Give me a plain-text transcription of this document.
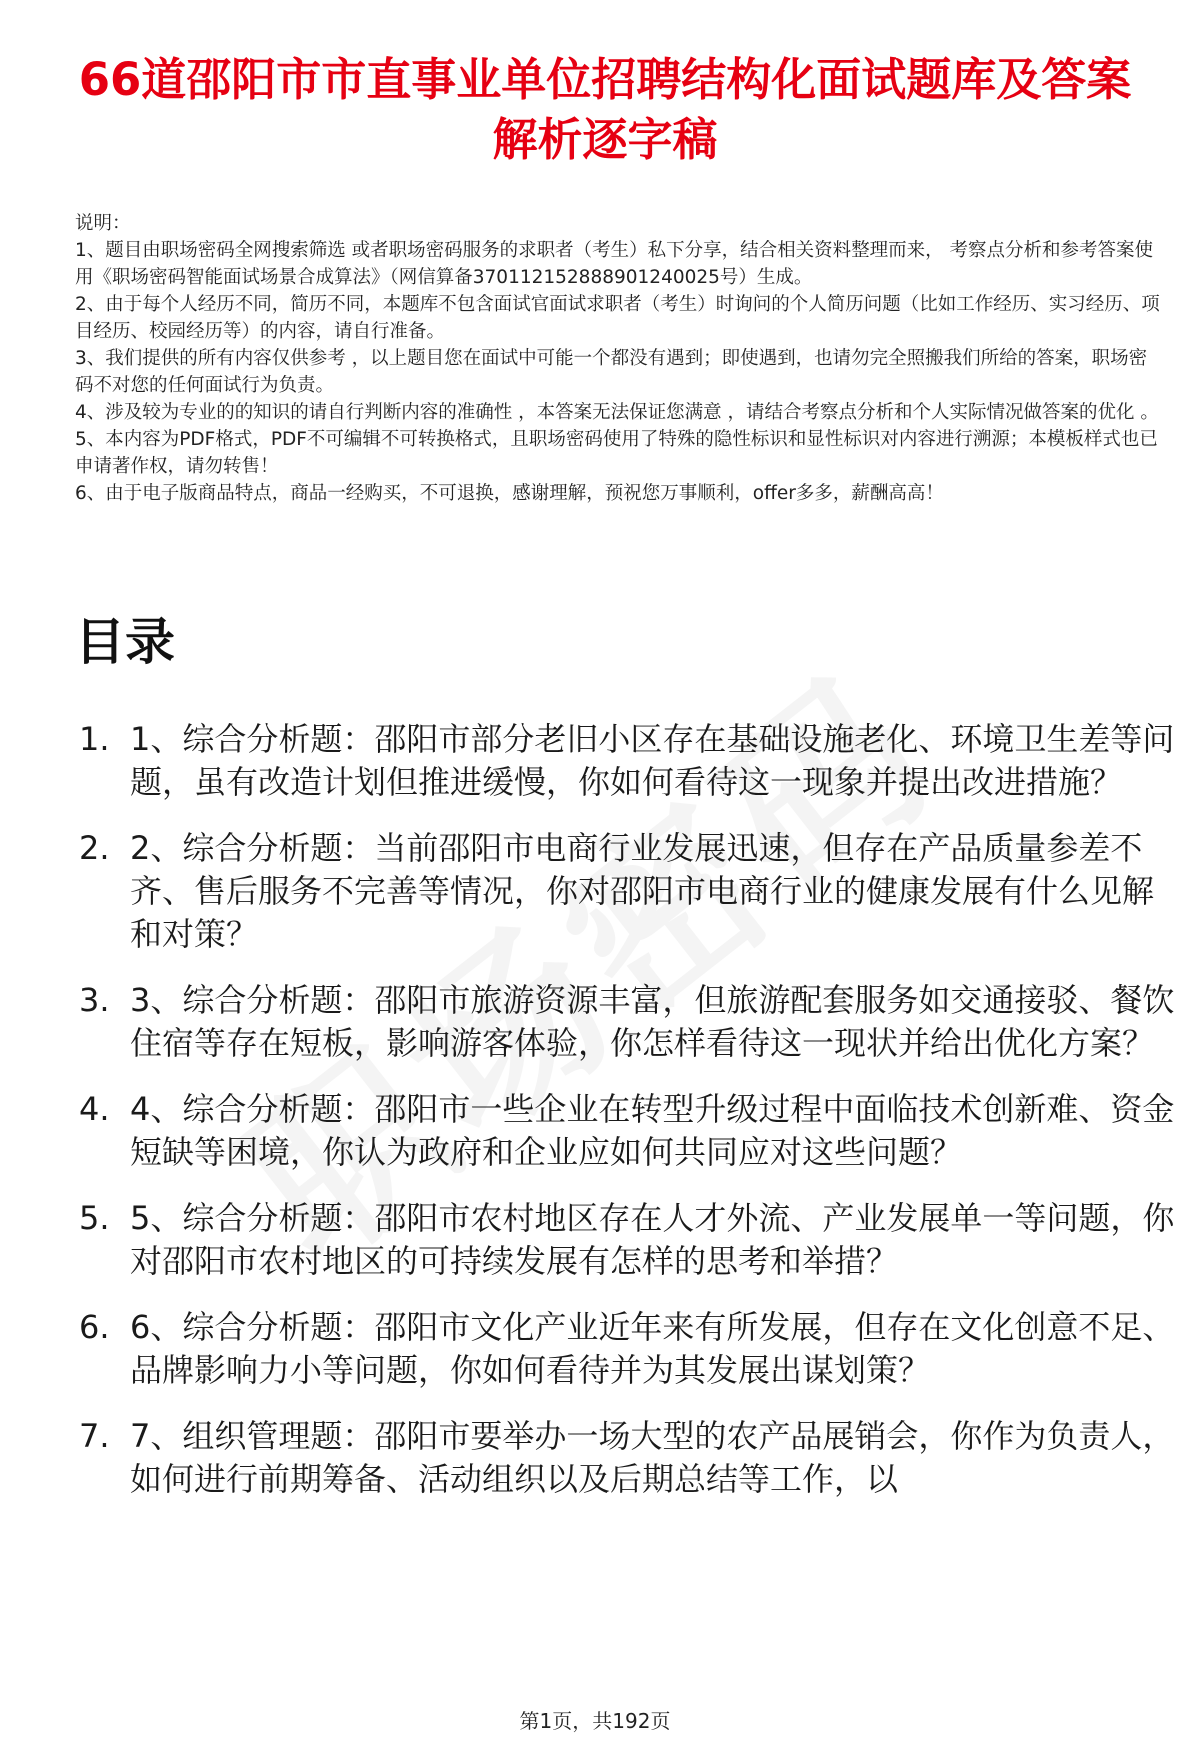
66道邵阳市市直事业单位招聘结构化面试题库及答案解析逐字稿

说明：

1、题目由职场密码全网搜索筛选 或者职场密码服务的求职者（考生）私下分享，结合相关资料整理而来， 考察点分析和参考答案使用《职场密码智能面试场景合成算法》（网信算备370112152888901240025号）生成。

2、由于每个人经历不同，简历不同，本题库不包含面试官面试求职者（考生）时询问的个人简历问题（比如工作经历、实习经历、项目经历、校园经历等）的内容，请自行准备。

3、我们提供的所有内容仅供参考 ，以上题目您在面试中可能一个都没有遇到；即使遇到，也请勿完全照搬我们所给的答案，职场密码不对您的任何面试行为负责。

4、涉及较为专业的的知识的请自行判断内容的准确性 ，本答案无法保证您满意 ，请结合考察点分析和个人实际情况做答案的优化 。

5、本内容为PDF格式，PDF不可编辑不可转换格式，且职场密码使用了特殊的隐性标识和显性标识对内容进行溯源；本模板样式也已申请著作权，请勿转售！

6、由于电子版商品特点，商品一经购买，不可退换，感谢理解，预祝您万事顺利，offer多多，薪酬高高！

目录
1. 1、综合分析题：邵阳市部分老旧小区存在基础设施老化、环境卫生差等问题，虽有改造计划但推进缓慢，你如何看待这一现象并提出改进措施？
2. 2、综合分析题：当前邵阳市电商行业发展迅速，但存在产品质量参差不齐、售后服务不完善等情况，你对邵阳市电商行业的健康发展有什么见解和对策？
3. 3、综合分析题：邵阳市旅游资源丰富，但旅游配套服务如交通接驳、餐饮住宿等存在短板，影响游客体验，你怎样看待这一现状并给出优化方案？
4. 4、综合分析题：邵阳市一些企业在转型升级过程中面临技术创新难、资金短缺等困境，你认为政府和企业应如何共同应对这些问题？
5. 5、综合分析题：邵阳市农村地区存在人才外流、产业发展单一等问题，你对邵阳市农村地区的可持续发展有怎样的思考和举措？
6. 6、综合分析题：邵阳市文化产业近年来有所发展，但存在文化创意不足、品牌影响力小等问题，你如何看待并为其发展出谋划策？
7. 7、组织管理题：邵阳市要举办一场大型的农产品展销会，你作为负责人，如何进行前期筹备、活动组织以及后期总结等工作，以
第1页，共192页
